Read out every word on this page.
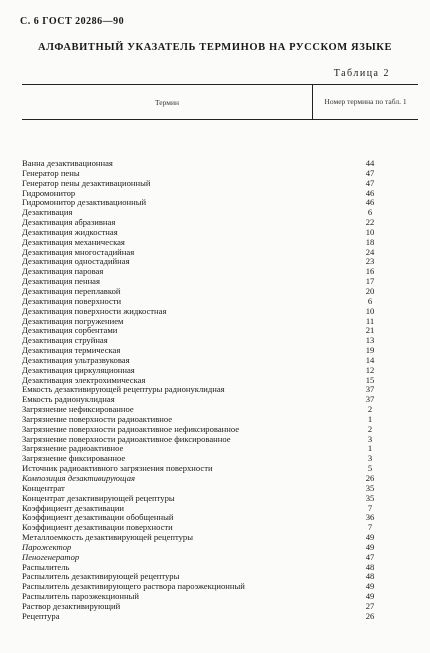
С. 6 ГОСТ 20286—90
АЛФАВИТНЫЙ УКАЗАТЕЛЬ ТЕРМИНОВ НА РУССКОМ ЯЗЫКЕ
Таблица 2
Термин	Номер термина по табл. 1
Ванна дезактивационная	44
Генератор пены	47
Генератор пены дезактивационный	47
Гидромонитор	46
Гидромонитор дезактивационный	46
Дезактивация	6
Дезактивация абразивная	22
Дезактивация жидкостная	10
Дезактивация механическая	18
Дезактивация многостадийная	24
Дезактивация одностадийная	23
Дезактивация паровая	16
Дезактивация пенная	17
Дезактивация переплавкой	20
Дезактивация поверхности	6
Дезактивация поверхности жидкостная	10
Дезактивация погружением	11
Дезактивация сорбентами	21
Дезактивация струйная	13
Дезактивация термическая	19
Дезактивация ультразвуковая	14
Дезактивация циркуляционная	12
Дезактивация электрохимическая	15
Емкость дезактивирующей рецептуры радионуклидная	37
Емкость радионуклидная	37
Загрязнение нефиксированное	2
Загрязнение поверхности радиоактивное	1
Загрязнение поверхности радиоактивное нефиксированное	2
Загрязнение поверхности радиоактивное фиксированное	3
Загрязнение радиоактивное	1
Загрязнение фиксированное	3
Источник радиоактивного загрязнения поверхности	5
Композиция дезактивирующая	26
Концентрат	35
Концентрат дезактивирующей рецептуры	35
Коэффициент дезактивации	7
Коэффициент дезактивации обобщенный	36
Коэффициент дезактивации поверхности	7
Металлоемкость дезактивирующей рецептуры	49
Парожектор	49
Пеногенератор	47
Распылитель	48
Распылитель дезактивирующей рецептуры	48
Распылитель дезактивирующего раствора пароэжекционный	49
Распылитель пароэжекционный	49
Раствор дезактивирующий	27
Рецептура	26
